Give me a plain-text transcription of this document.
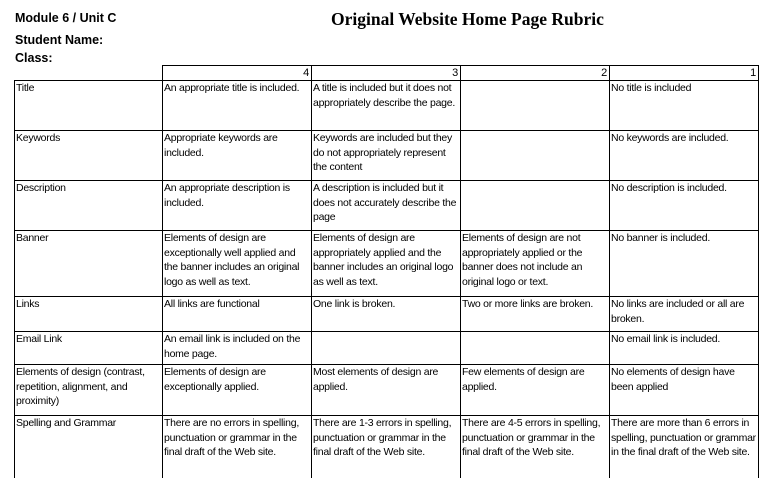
Module 6 / Unit C
Student Name:
Class:
Original Website Home Page Rubric
	4	3	2	1
Title	An appropriate title is included.	A title is included but it does not appropriately describe the page.		No title is included
Keywords	Appropriate keywords are included.	Keywords are included but they do not appropriately represent the content		No keywords are included.
Description	An appropriate description is included.	A description is included but it does not accurately describe the page		No description is included.
Banner	Elements of design are exceptionally well applied and the banner includes an original logo as well as text.	Elements of design are appropriately applied and the banner includes an original logo as well as text.	Elements of design are not appropriately applied or the banner does not include an original logo or text.	No banner is included.
Links	All links are functional	One link is broken.	Two or more links are broken.	No links are included or all are broken.
Email Link	An email link is included on the home page.			No email link is included.
Elements of design (contrast, repetition, alignment, and proximity)	Elements of design are exceptionally applied.	Most elements of design are applied.	Few elements of design are applied.	No elements of design have been applied
Spelling and Grammar	There are no errors in spelling, punctuation or grammar in the final draft of the Web site.	There are 1-3 errors in spelling, punctuation or grammar in the final draft of the Web site.	There are 4-5 errors in spelling, punctuation or grammar in the final draft of the Web site.	There are more than 6 errors in spelling, punctuation or grammar in the final draft of the Web site.
